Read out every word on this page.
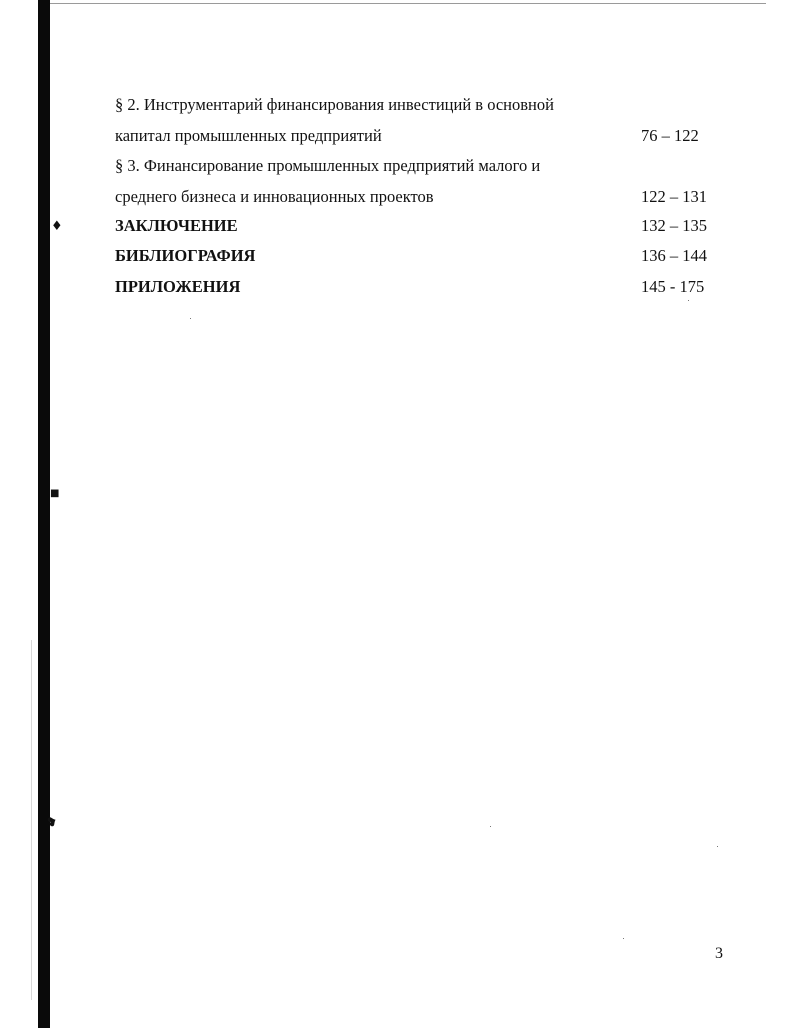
♦
■
❥
§ 2. Инструментарий финансирования инвестиций в основной
капитал промышленных предприятий	76 – 122
§ 3. Финансирование промышленных предприятий малого и
среднего бизнеса и инновационных проектов	122 – 131
ЗАКЛЮЧЕНИЕ	132 – 135
БИБЛИОГРАФИЯ	136 – 144
ПРИЛОЖЕНИЯ	145 - 175
3
